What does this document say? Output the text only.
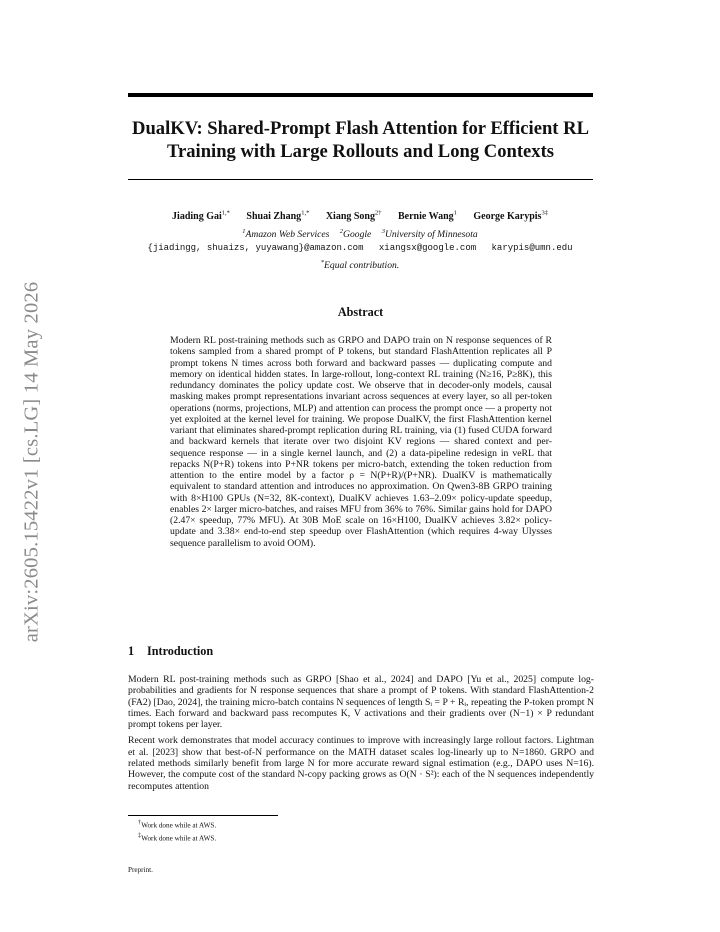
arXiv:2605.15422v1 [cs.LG] 14 May 2026
DualKV: Shared-Prompt Flash Attention for Efficient RL Training with Large Rollouts and Long Contexts
Jiading Gai$^{1,*}$ Shuai Zhang$^{1,*}$ Xiang Song$^{2\dagger}$ Bernie Wang$^1$ George Karypis$^{3\ddagger}$
$^1$Amazon Web Services $^2$Google $^3$University of Minnesota
{jiadingg, shuaizs, yuyawang}@amazon.com xiangsx@google.com karypis@umn.edu
*Equal contribution.
Abstract
Modern RL post-training methods such as GRPO and DAPO train on N response sequences of R tokens sampled from a shared prompt of P tokens, but standard FlashAttention replicates all P prompt tokens N times across both forward and backward passes — duplicating compute and memory on identical hidden states. In large-rollout, long-context RL training (N≥16, P≥8K), this redundancy dominates the policy update cost. We observe that in decoder-only models, causal masking makes prompt representations invariant across sequences at every layer, so all per-token operations (norms, projections, MLP) and attention can process the prompt once — a property not yet exploited at the kernel level for training. We propose DualKV, the first FlashAttention kernel variant that eliminates shared-prompt replication during RL training, via (1) fused CUDA forward and backward kernels that iterate over two disjoint KV regions — shared context and per-sequence response — in a single kernel launch, and (2) a data-pipeline redesign in veRL that repacks N(P+R) tokens into P+NR tokens per micro-batch, extending the token reduction from attention to the entire model by a factor ρ = N(P+R)/(P+NR). DualKV is mathematically equivalent to standard attention and introduces no approximation. On Qwen3-8B GRPO training with 8×H100 GPUs (N=32, 8K-context), DualKV achieves 1.63–2.09× policy-update speedup, enables 2× larger micro-batches, and raises MFU from 36% to 76%. Similar gains hold for DAPO (2.47× speedup, 77% MFU). At 30B MoE scale on 16×H100, DualKV achieves 3.82× policy-update and 3.38× end-to-end step speedup over FlashAttention (which requires 4-way Ulysses sequence parallelism to avoid OOM).
1 Introduction

Modern RL post-training methods such as GRPO [Shao et al., 2024] and DAPO [Yu et al., 2025] compute log-probabilities and gradients for N response sequences that share a prompt of P tokens. With standard FlashAttention-2 (FA2) [Dao, 2024], the training micro-batch contains N sequences of length Sᵢ = P + Rᵢ, repeating the P-token prompt N times. Each forward and backward pass recomputes K, V activations and their gradients over (N−1) × P redundant prompt tokens per layer.

Recent work demonstrates that model accuracy continues to improve with increasingly large rollout factors. Lightman et al. [2023] show that best-of-N performance on the MATH dataset scales log-linearly up to N=1860. GRPO and related methods similarly benefit from large N for more accurate reward signal estimation (e.g., DAPO uses N=16). However, the compute cost of the standard N-copy packing grows as O(N · S²): each of the N sequences independently recomputes attention

†Work done while at AWS.
‡Work done while at AWS.
Preprint.
